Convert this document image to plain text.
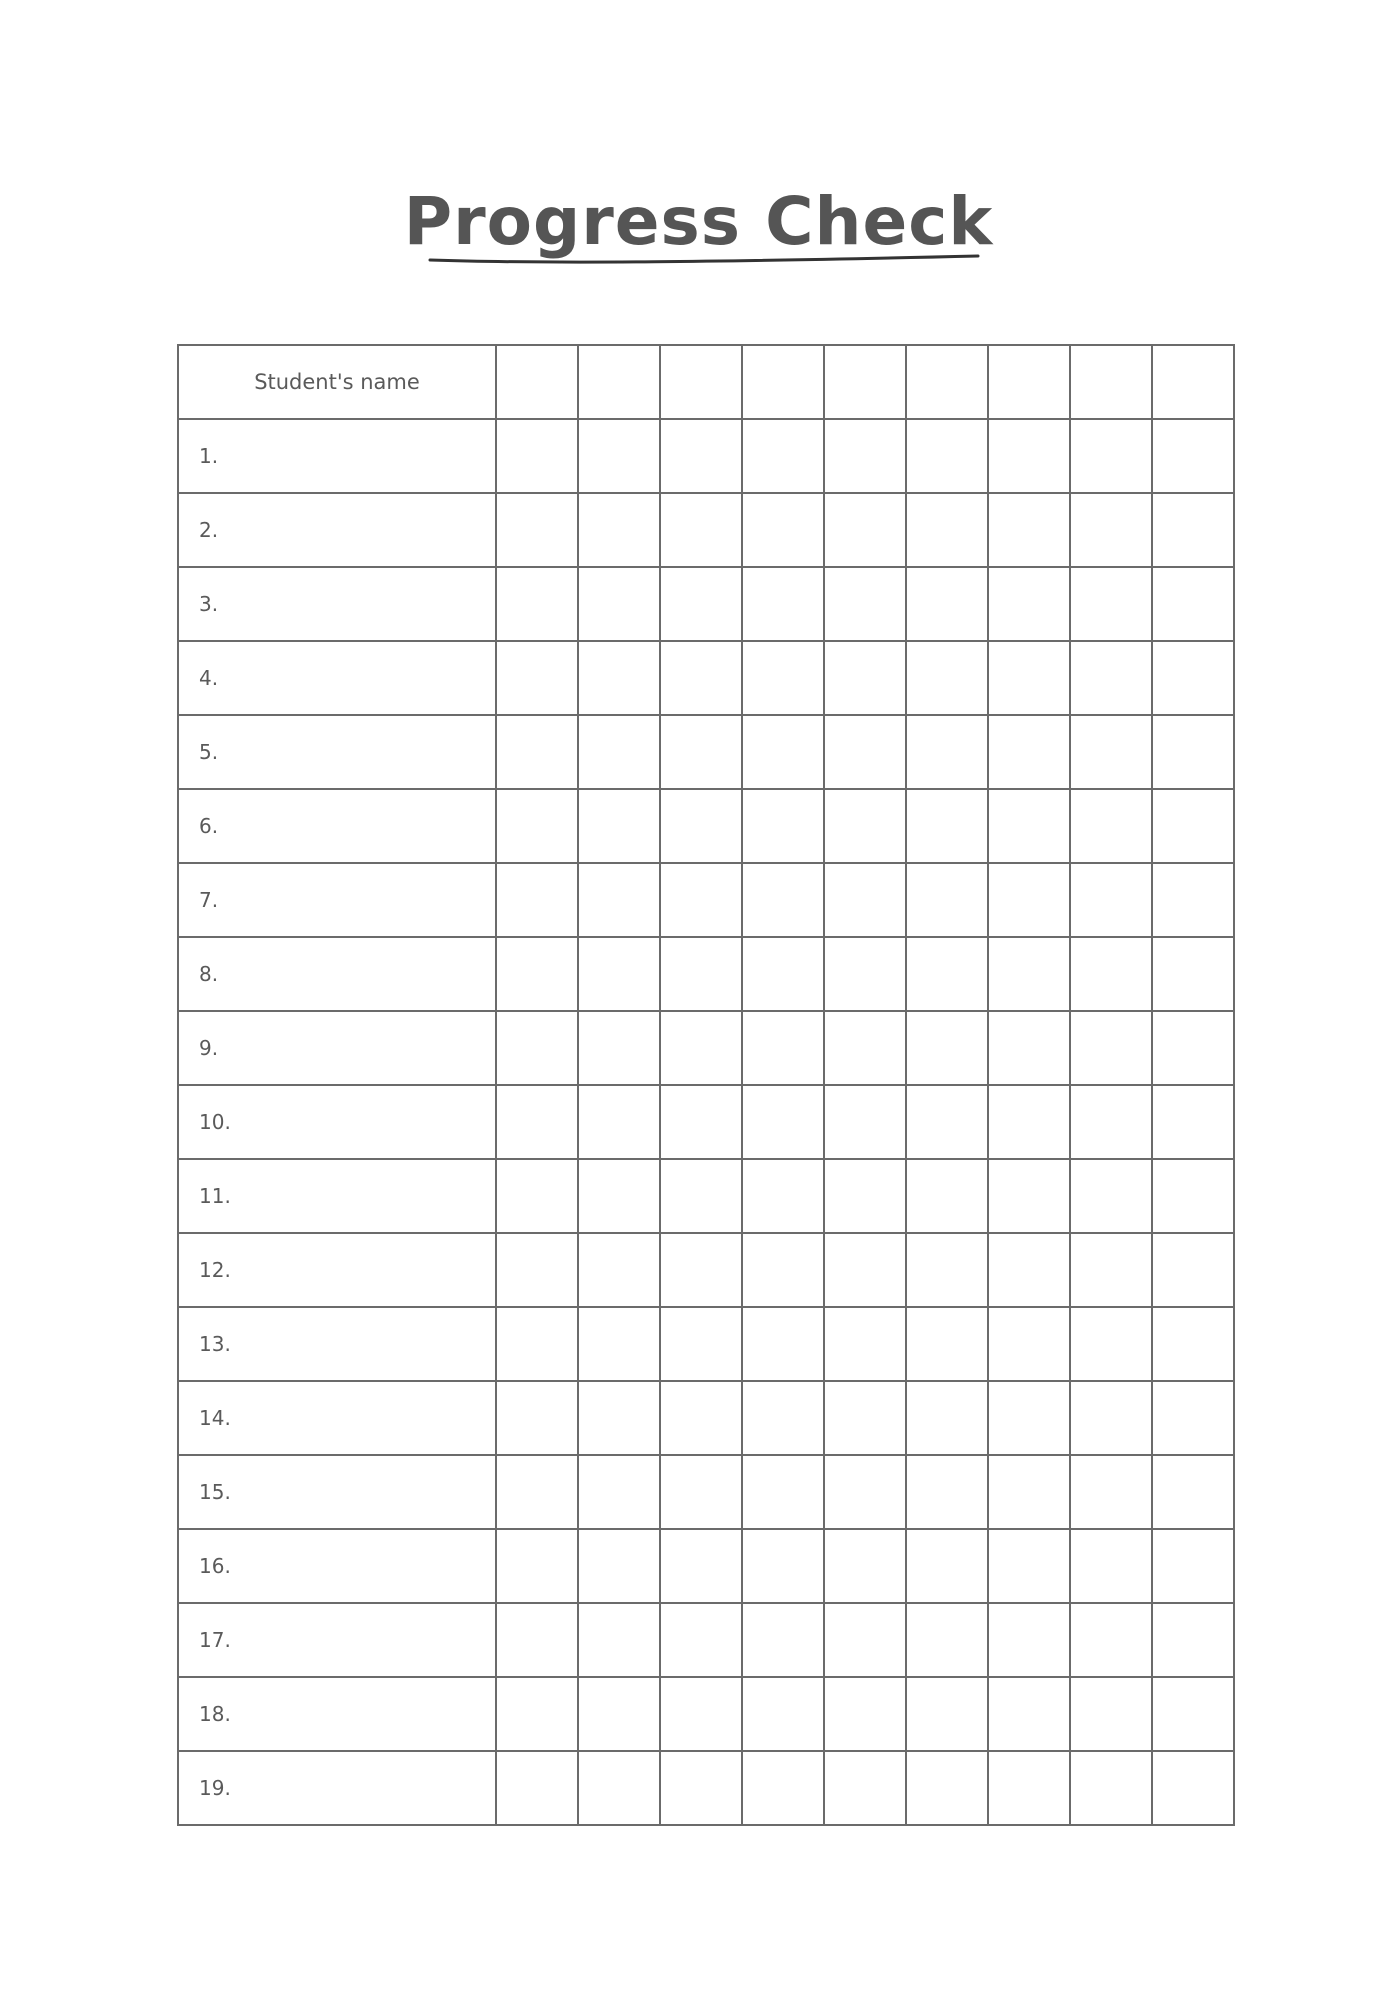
Progress Check
Student's name									
1.									
2.									
3.									
4.									
5.									
6.									
7.									
8.									
9.									
10.									
11.									
12.									
13.									
14.									
15.									
16.									
17.									
18.									
19.									
